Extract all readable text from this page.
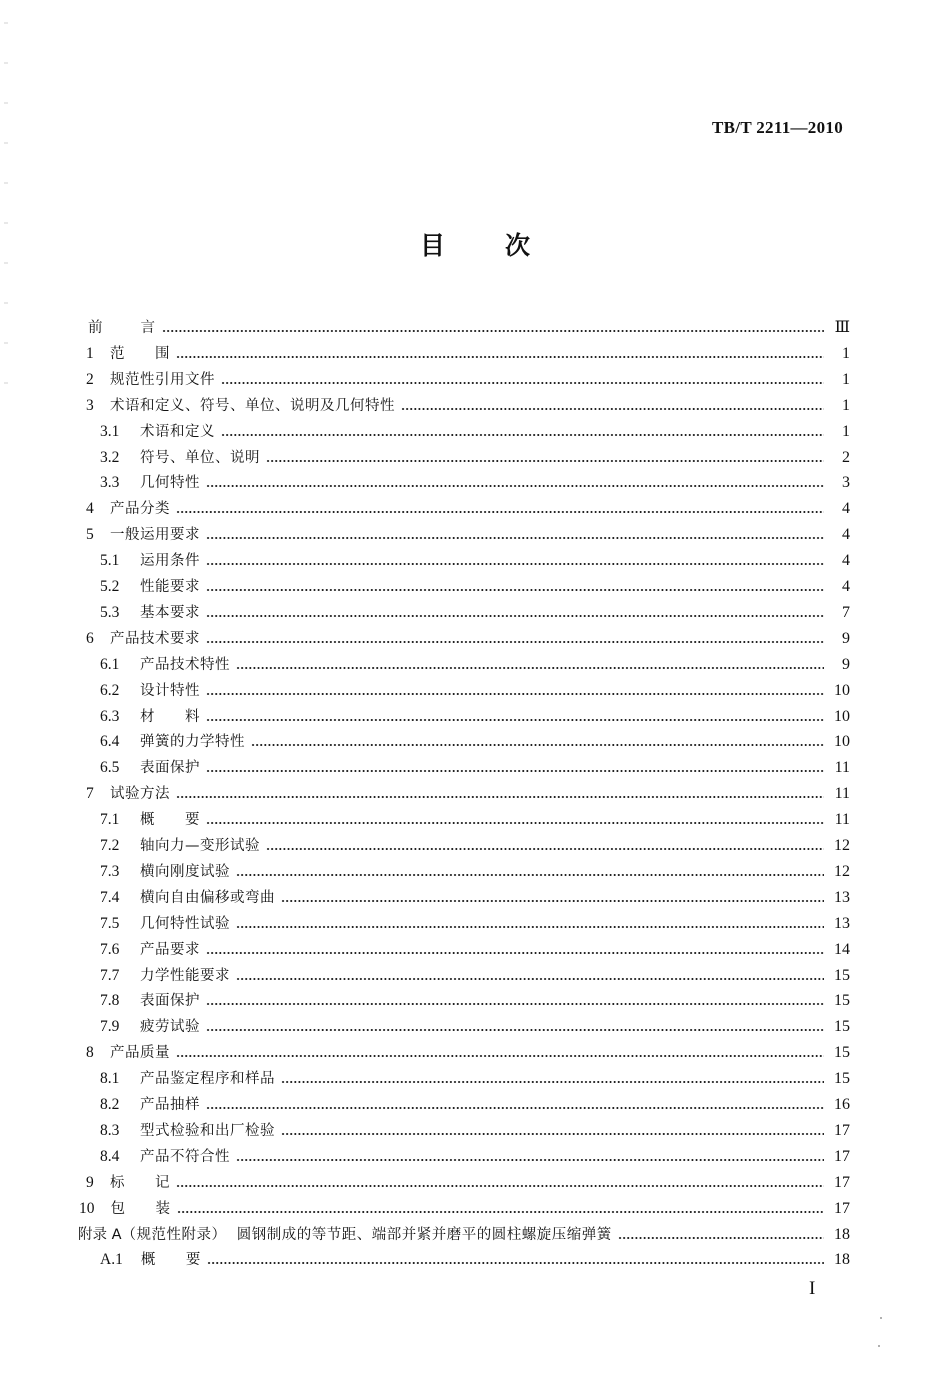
TB/T 2211—2010
目 次
前	言	Ⅲ
1 范　　围	1
2 规范性引用文件	1
3 术语和定义、符号、单位、说明及几何特性	1
3.1 术语和定义	1
3.2 符号、单位、说明	2
3.3 几何特性	3
4 产品分类	4
5 一般运用要求	4
5.1 运用条件	4
5.2 性能要求	4
5.3 基本要求	7
6 产品技术要求	9
6.1 产品技术特性	9
6.2 设计特性	10
6.3 材　　料	10
6.4 弹簧的力学特性	10
6.5 表面保护	11
7 试验方法	11
7.1 概　　要	11
7.2 轴向力—变形试验	12
7.3 横向刚度试验	12
7.4 横向自由偏移或弯曲	13
7.5 几何特性试验	13
7.6 产品要求	14
7.7 力学性能要求	15
7.8 表面保护	15
7.9 疲劳试验	15
8 产品质量	15
8.1 产品鉴定程序和样品	15
8.2 产品抽样	16
8.3 型式检验和出厂检验	17
8.4 产品不符合性	17
9 标　　记	17
10 包　　装	17
附录 A （规范性附录）  圆钢制成的等节距、端部并紧并磨平的圆柱螺旋压缩弹簧	18
A.1 概　　要	18
I
